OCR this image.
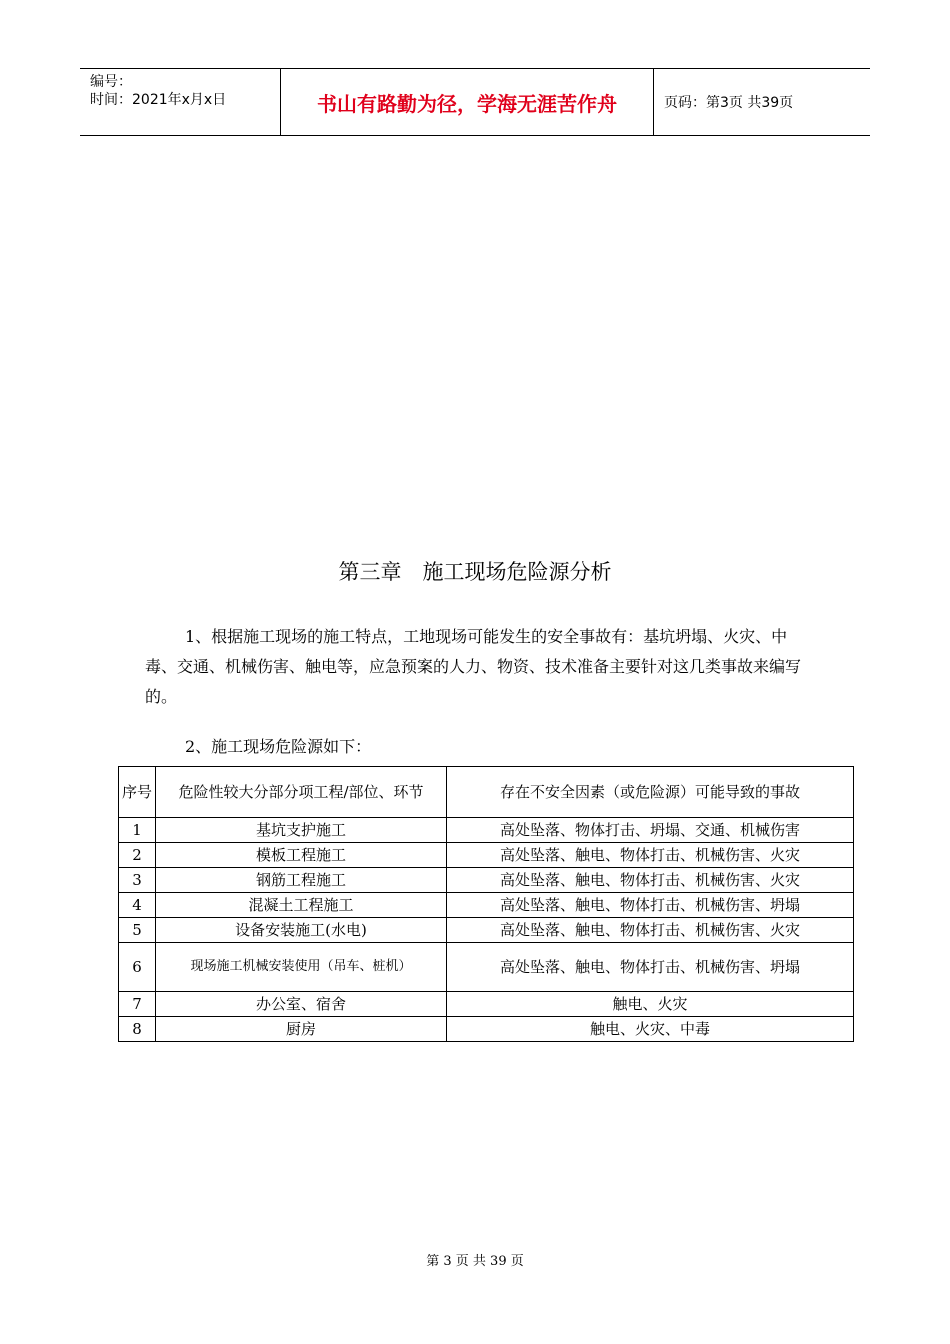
编号：
时间：2021年x月x日	书山有路勤为径，学海无涯苦作舟	页码：第3页 共39页
第三章　施工现场危险源分析
1、根据施工现场的施工特点，工地现场可能发生的安全事故有：基坑坍塌、火灾、中毒、交通、机械伤害、触电等，应急预案的人力、物资、技术准备主要针对这几类事故来编写的。
2、施工现场危险源如下：
序号	危险性较大分部分项工程/部位、环节	存在不安全因素（或危险源）可能导致的事故
1	基坑支护施工	高处坠落、物体打击、坍塌、交通、机械伤害
2	模板工程施工	高处坠落、触电、物体打击、机械伤害、火灾
3	钢筋工程施工	高处坠落、触电、物体打击、机械伤害、火灾
4	混凝土工程施工	高处坠落、触电、物体打击、机械伤害、坍塌
5	设备安装施工(水电)	高处坠落、触电、物体打击、机械伤害、火灾
6	现场施工机械安装使用（吊车、桩机）	高处坠落、触电、物体打击、机械伤害、坍塌
7	办公室、宿舍	触电、火灾
8	厨房	触电、火灾、中毒
第 3 页 共 39 页
